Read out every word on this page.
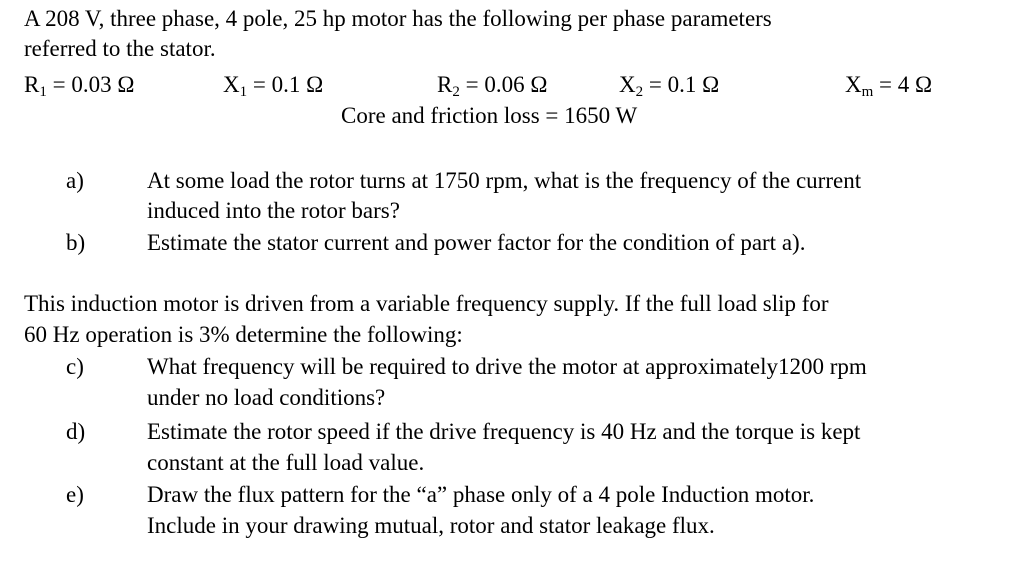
A 208 V, three phase, 4 pole, 25 hp motor has the following per phase parameters
referred to the stator.
$R_1 = 0.03$ Ω	$X_1 = 0.1$ Ω	$R_2 = 0.06$ Ω	$X_2 = 0.1$ Ω	$X_m = 4$ Ω
Core and friction loss = 1650 W
a)	At some load the rotor turns at 1750 rpm, what is the frequency of the current
induced into the rotor bars?
b)	Estimate the stator current and power factor for the condition of part a).
This induction motor is driven from a variable frequency supply. If the full load slip for
60 Hz operation is 3% determine the following:
c)	What frequency will be required to drive the motor at approximately1200 rpm
under no load conditions?
d)	Estimate the rotor speed if the drive frequency is 40 Hz and the torque is kept
constant at the full load value.
e)	Draw the flux pattern for the “a” phase only of a 4 pole Induction motor.
Include in your drawing mutual, rotor and stator leakage flux.
